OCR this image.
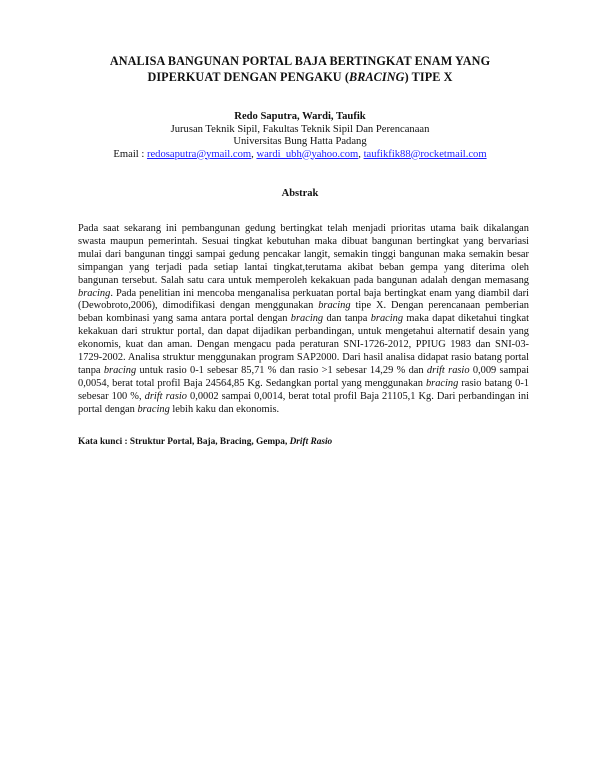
ANALISA BANGUNAN PORTAL BAJA BERTINGKAT ENAM YANG
DIPERKUAT DENGAN PENGAKU (BRACING) TIPE X
Redo Saputra, Wardi, Taufik
Jurusan Teknik Sipil, Fakultas Teknik Sipil Dan Perencanaan
Universitas Bung Hatta Padang
Email : redosaputra@ymail.com, wardi_ubh@yahoo.com, taufikfik88@rocketmail.com
Abstrak
Pada saat sekarang ini pembangunan gedung bertingkat telah menjadi prioritas utama baik dikalangan swasta maupun pemerintah. Sesuai tingkat kebutuhan maka dibuat bangunan bertingkat yang bervariasi mulai dari bangunan tinggi sampai gedung pencakar langit, semakin tinggi bangunan maka semakin besar simpangan yang terjadi pada setiap lantai tingkat,terutama akibat beban gempa yang diterima oleh bangunan tersebut. Salah satu cara untuk memperoleh kekakuan pada bangunan adalah dengan memasang bracing. Pada penelitian ini mencoba menganalisa perkuatan portal baja bertingkat enam yang diambil dari (Dewobroto,2006), dimodifikasi dengan menggunakan bracing tipe X. Dengan perencanaan pemberian beban kombinasi yang sama antara portal dengan bracing dan tanpa bracing maka dapat diketahui tingkat kekakuan dari struktur portal, dan dapat dijadikan perbandingan, untuk mengetahui alternatif desain yang ekonomis, kuat dan aman. Dengan mengacu pada peraturan SNI-1726-2012, PPIUG 1983 dan SNI-03-1729-2002. Analisa struktur menggunakan program SAP2000. Dari hasil analisa didapat rasio batang portal tanpa bracing untuk rasio 0-1 sebesar 85,71 % dan rasio >1 sebesar 14,29 % dan drift rasio 0,009 sampai 0,0054, berat total profil Baja 24564,85 Kg. Sedangkan portal yang menggunakan bracing rasio batang 0-1 sebesar 100 %, drift rasio 0,0002 sampai 0,0014, berat total profil Baja 21105,1 Kg. Dari perbandingan ini portal dengan bracing lebih kaku dan ekonomis.
Kata kunci : Struktur Portal, Baja, Bracing, Gempa, Drift Rasio
